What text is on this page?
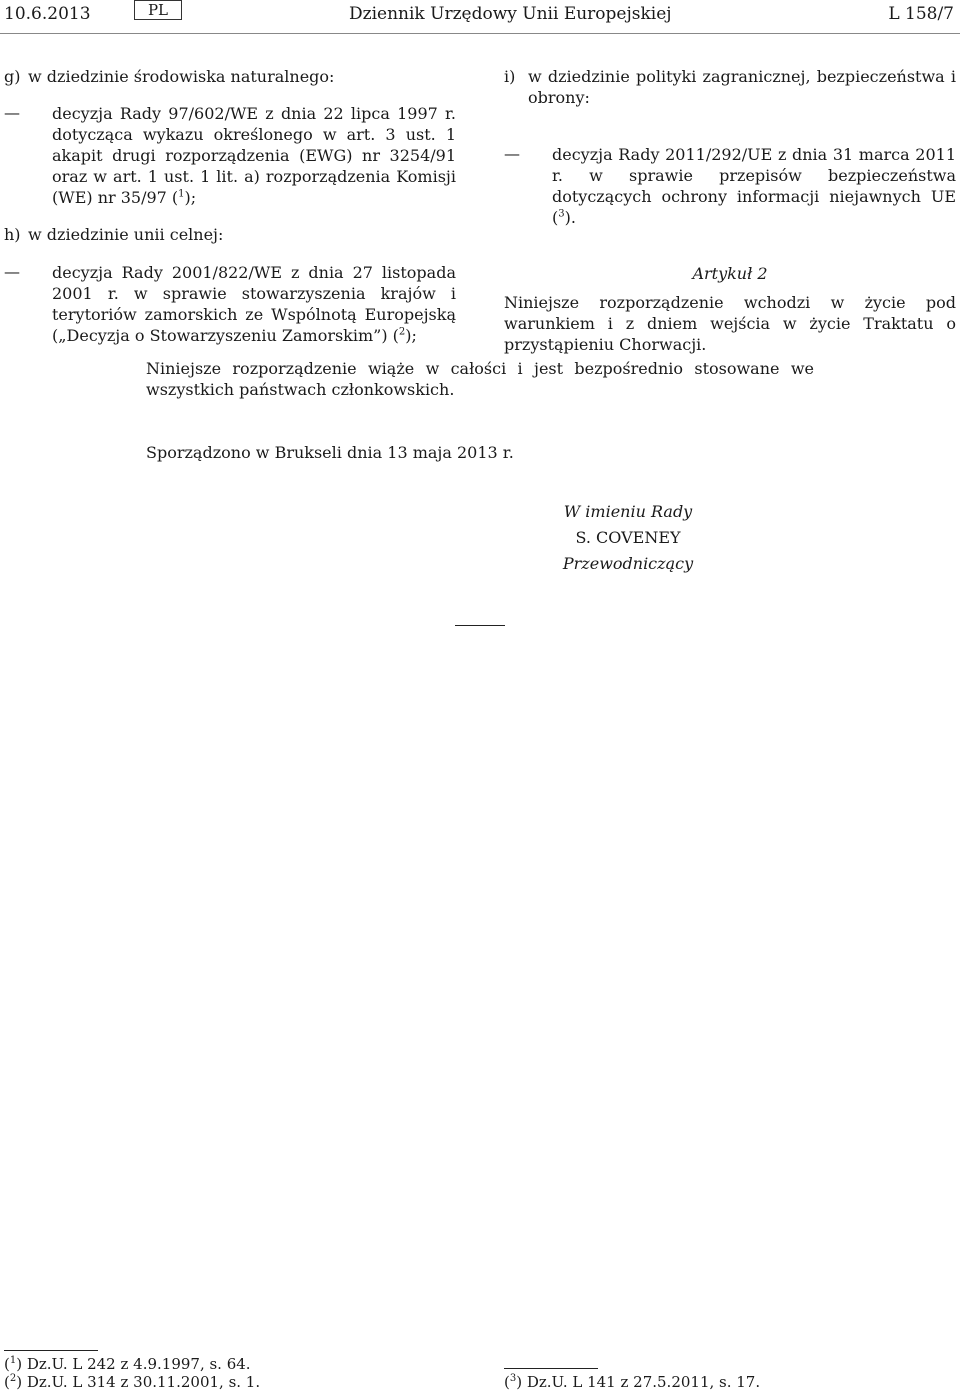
10.6.2013	PL	Dziennik Urzędowy Unii Europejskiej	L 158/7
g) w dziedzinie środowiska naturalnego:
—	decyzja Rady 97/602/WE z dnia 22 lipca 1997 r. dotycząca wykazu określonego w art. 3 ust. 1 akapit drugi rozporządzenia (EWG) nr 3254/91 oraz w art. 1 ust. 1 lit. a) rozporządzenia Komisji (WE) nr 35/97 ($^1$);
h) w dziedzinie unii celnej:
—	decyzja Rady 2001/822/WE z dnia 27 listopada 2001 r. w sprawie stowarzyszenia krajów i terytoriów zamorskich ze Wspólnotą Europejską („Decyzja o Stowarzyszeniu Zamorskim”) ($^2$);
i) w dziedzinie polityki zagranicznej, bezpieczeństwa i obrony:
—	decyzja Rady 2011/292/UE z dnia 31 marca 2011 r. w sprawie przepisów bezpieczeństwa dotyczących ochrony informacji niejawnych UE ($^3$).
Artykuł 2
Niniejsze rozporządzenie wchodzi w życie pod warunkiem i z dniem wejścia w życie Traktatu o przystąpieniu Chorwacji.
Niniejsze rozporządzenie wiąże w całości i jest bezpośrednio stosowane we wszystkich państwach członkowskich.
Sporządzono w Brukseli dnia 13 maja 2013 r.
W imieniu Rady
S. COVENEY
Przewodniczący
($^1$) Dz.U. L 242 z 4.9.1997, s. 64.
($^2$) Dz.U. L 314 z 30.11.2001, s. 1.	($^3$) Dz.U. L 141 z 27.5.2011, s. 17.
